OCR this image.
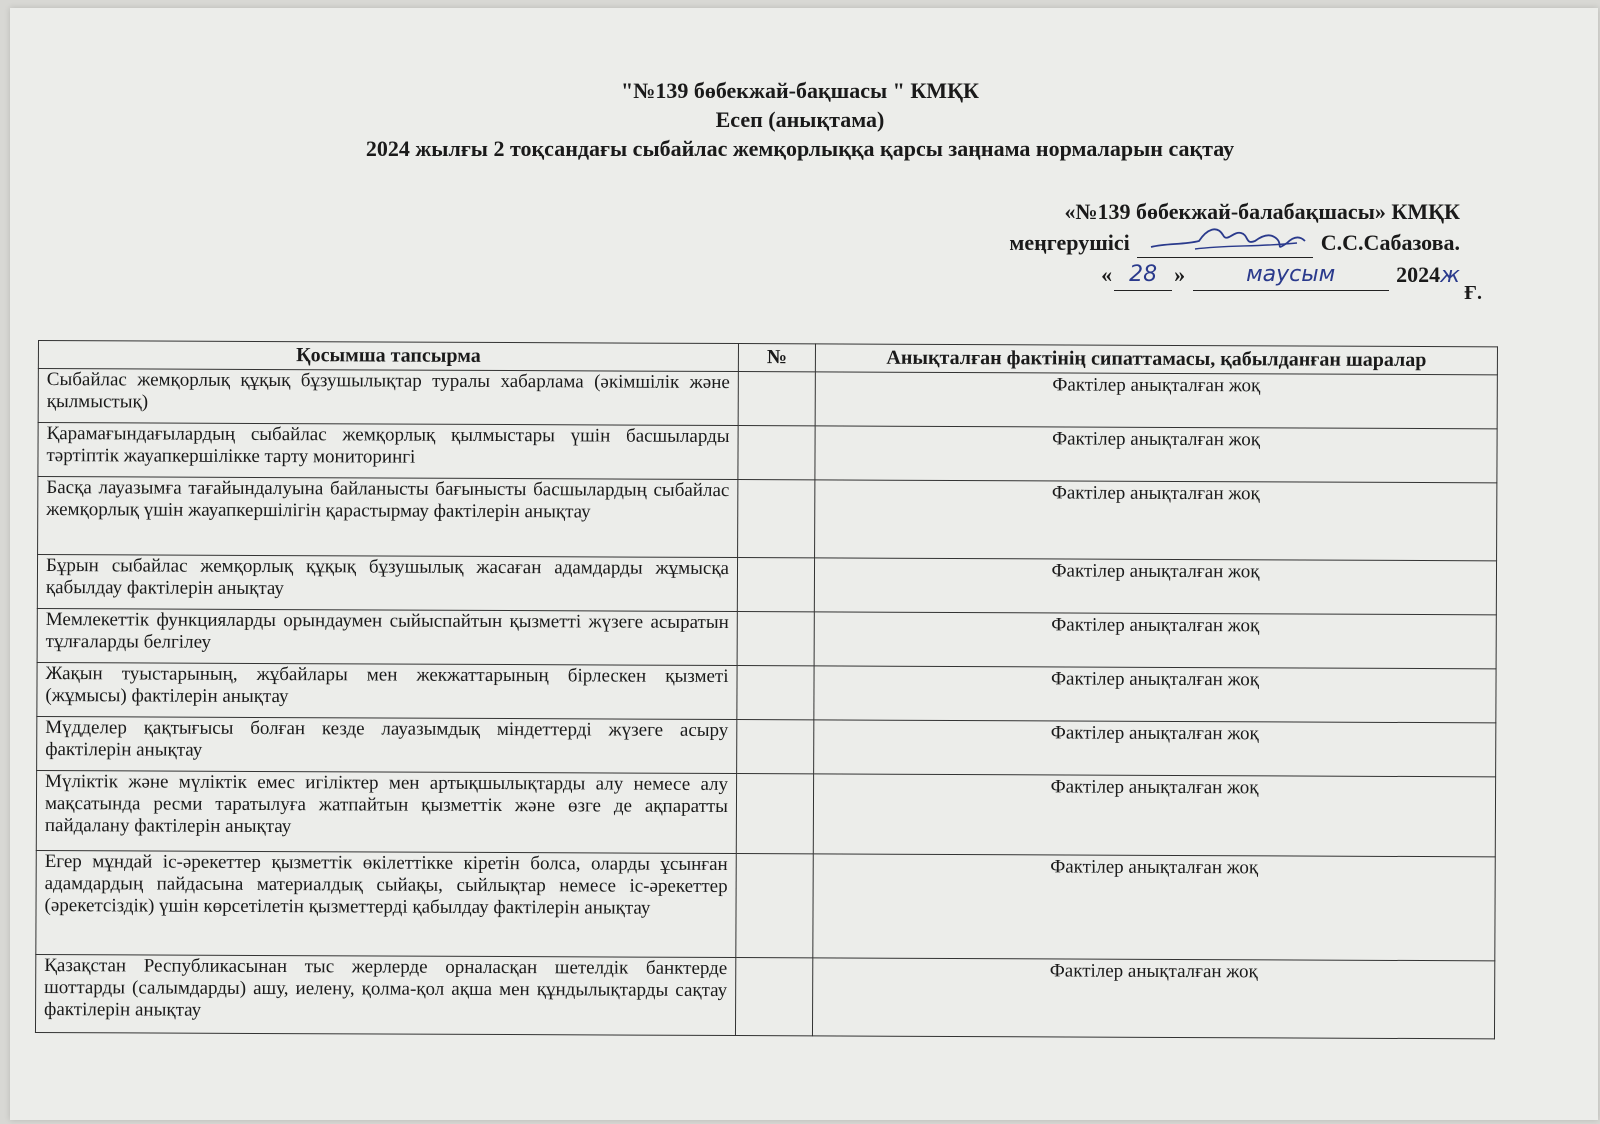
"№139 бөбекжай-бақшасы " КМҚК
Есеп (анықтама)
2024 жылғы 2 тоқсандағы сыбайлас жемқорлыққа қарсы заңнама нормаларын сақтау
«№139 бөбекжай-балабақшасы» КМҚК
меңгерушісі	С.С.Сабазова.
« 28 »	маусым	2024ж
Ғ.
Қосымша тапсырма	№	Анықталған фактінің сипаттамасы, қабылданған шаралар
Сыбайлас жемқорлық құқық бұзушылықтар туралы хабарлама (әкімшілік және қылмыстық)		Фактілер анықталған жоқ
Қарамағындағылардың сыбайлас жемқорлық қылмыстары үшін басшыларды тәртіптік жауапкершілікке тарту мониторингі		Фактілер анықталған жоқ
Басқа лауазымға тағайындалуына байланысты бағынысты басшылардың сыбайлас жемқорлық үшін жауапкершілігін қарастырмау фактілерін анықтау		Фактілер анықталған жоқ
Бұрын сыбайлас жемқорлық құқық бұзушылық жасаған адамдарды жұмысқа қабылдау фактілерін анықтау		Фактілер анықталған жоқ
Мемлекеттік функцияларды орындаумен сыйыспайтын қызметті жүзеге асыратын тұлғаларды белгілеу		Фактілер анықталған жоқ
Жақын туыстарының, жұбайлары мен жекжаттарының бірлескен қызметі (жұмысы) фактілерін анықтау		Фактілер анықталған жоқ
Мүдделер қақтығысы болған кезде лауазымдық міндеттерді жүзеге асыру фактілерін анықтау		Фактілер анықталған жоқ
Мүліктік және мүліктік емес игіліктер мен артықшылықтарды алу немесе алу мақсатында ресми таратылуға жатпайтын қызметтік және өзге де ақпаратты пайдалану фактілерін анықтау		Фактілер анықталған жоқ
Егер мұндай іс-әрекеттер қызметтік өкілеттікке кіретін болса, оларды ұсынған адамдардың пайдасына материалдық сыйақы, сыйлықтар немесе іс-әрекеттер (әрекетсіздік) үшін көрсетілетін қызметтерді қабылдау фактілерін анықтау		Фактілер анықталған жоқ
Қазақстан Республикасынан тыс жерлерде орналасқан шетелдік банктерде шоттарды (салымдарды) ашу, иелену, қолма-қол ақша мен құндылықтарды сақтау фактілерін анықтау		Фактілер анықталған жоқ
